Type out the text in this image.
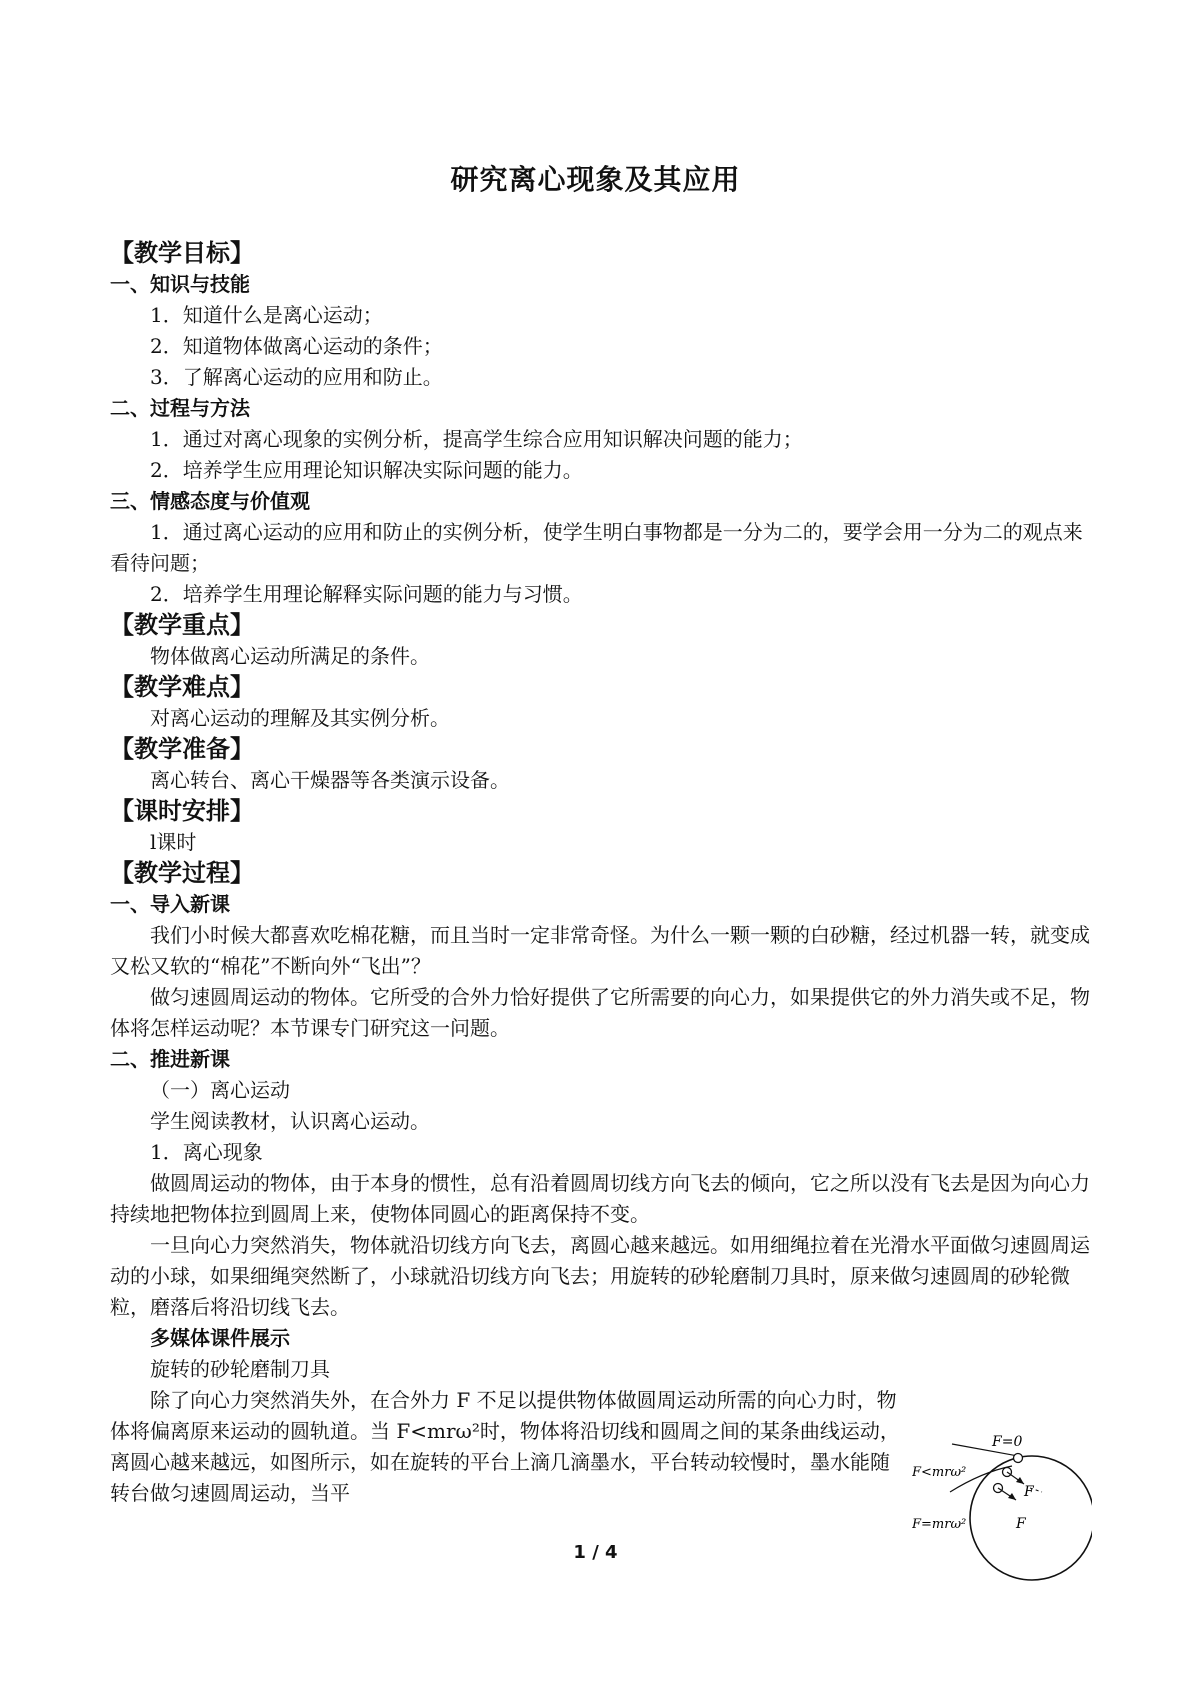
研究离心现象及其应用
【教学目标】
一、知识与技能
1．知道什么是离心运动；
2．知道物体做离心运动的条件；
3．了解离心运动的应用和防止。
二、过程与方法
1．通过对离心现象的实例分析，提高学生综合应用知识解决问题的能力；
2．培养学生应用理论知识解决实际问题的能力。
三、情感态度与价值观
1．通过离心运动的应用和防止的实例分析，使学生明白事物都是一分为二的，要学会用一分为二的观点来看待问题；
2．培养学生用理论解释实际问题的能力与习惯。
【教学重点】
物体做离心运动所满足的条件。
【教学难点】
对离心运动的理解及其实例分析。
【教学准备】
离心转台、离心干燥器等各类演示设备。
【课时安排】
l课时
【教学过程】
一、导入新课
我们小时候大都喜欢吃棉花糖，而且当时一定非常奇怪。为什么一颗一颗的白砂糖，经过机器一转，就变成又松又软的“棉花”不断向外“飞出”？
做匀速圆周运动的物体。它所受的合外力恰好提供了它所需要的向心力，如果提供它的外力消失或不足，物体将怎样运动呢？本节课专门研究这一问题。
二、推进新课
（一）离心运动
学生阅读教材，认识离心运动。
1．离心现象
做圆周运动的物体，由于本身的惯性，总有沿着圆周切线方向飞去的倾向，它之所以没有飞去是因为向心力持续地把物体拉到圆周上来，使物体同圆心的距离保持不变。
一旦向心力突然消失，物体就沿切线方向飞去，离圆心越来越远。如用细绳拉着在光滑水平面做匀速圆周运动的小球，如果细绳突然断了，小球就沿切线方向飞去；用旋转的砂轮磨制刀具时，原来做匀速圆周的砂轮微粒，磨落后将沿切线飞去。
多媒体课件展示
旋转的砂轮磨制刀具
除了向心力突然消失外，在合外力 F 不足以提供物体做圆周运动所需的向心力时，物体将偏离原来运动的圆轨道。当 F<mrω²时，物体将沿切线和圆周之间的某条曲线运动，离圆心越来越远，如图所示，如在旋转的平台上滴几滴墨水，平台转动较慢时，墨水能随转台做匀速圆周运动，当平
F=0
F<mrω²
F=mrω²
F
F
1 / 4
